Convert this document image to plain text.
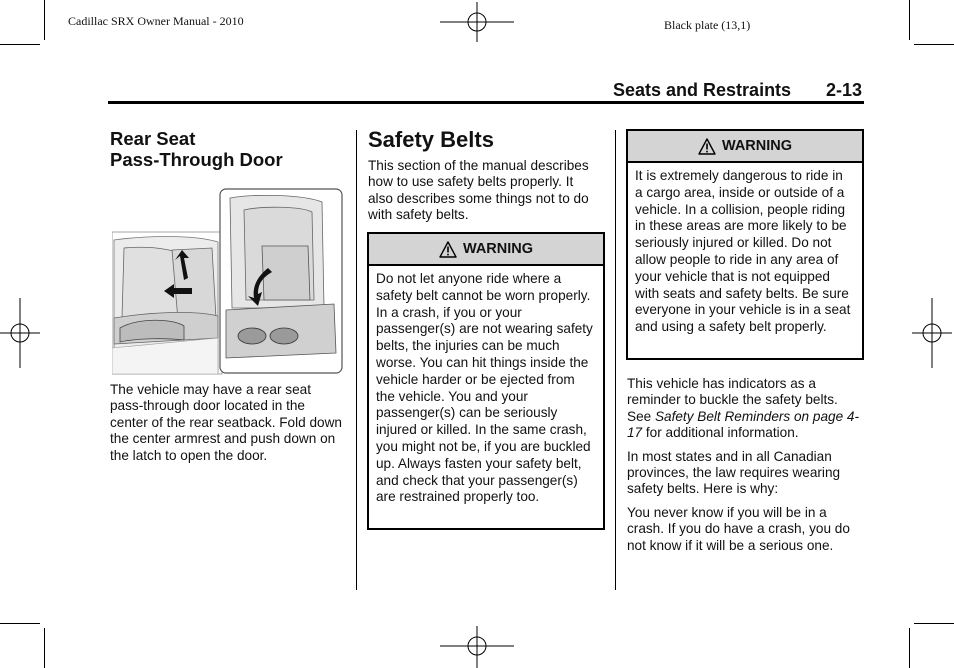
Cadillac SRX Owner Manual - 2010	Black plate (13,1)
Seats and Restraints 2-13
Rear Seat
Pass-Through Door
The vehicle may have a rear seat pass-through door located in the center of the rear seatback. Fold down the center armrest and push down on the latch to open the door.
Safety Belts
This section of the manual describes how to use safety belts properly. It also describes some things not to do with safety belts.
WARNING
Do not let anyone ride where a safety belt cannot be worn properly. In a crash, if you or your passenger(s) are not wearing safety belts, the injuries can be much worse. You can hit things inside the vehicle harder or be ejected from the vehicle. You and your passenger(s) can be seriously injured or killed. In the same crash, you might not be, if you are buckled up. Always fasten your safety belt, and check that your passenger(s) are restrained properly too.
WARNING
It is extremely dangerous to ride in a cargo area, inside or outside of a vehicle. In a collision, people riding in these areas are more likely to be seriously injured or killed. Do not allow people to ride in any area of your vehicle that is not equipped with seats and safety belts. Be sure everyone in your vehicle is in a seat and using a safety belt properly.

This vehicle has indicators as a reminder to buckle the safety belts. See Safety Belt Reminders on page 4-17 for additional information.

In most states and in all Canadian provinces, the law requires wearing safety belts. Here is why:

You never know if you will be in a crash. If you do have a crash, you do not know if it will be a serious one.
